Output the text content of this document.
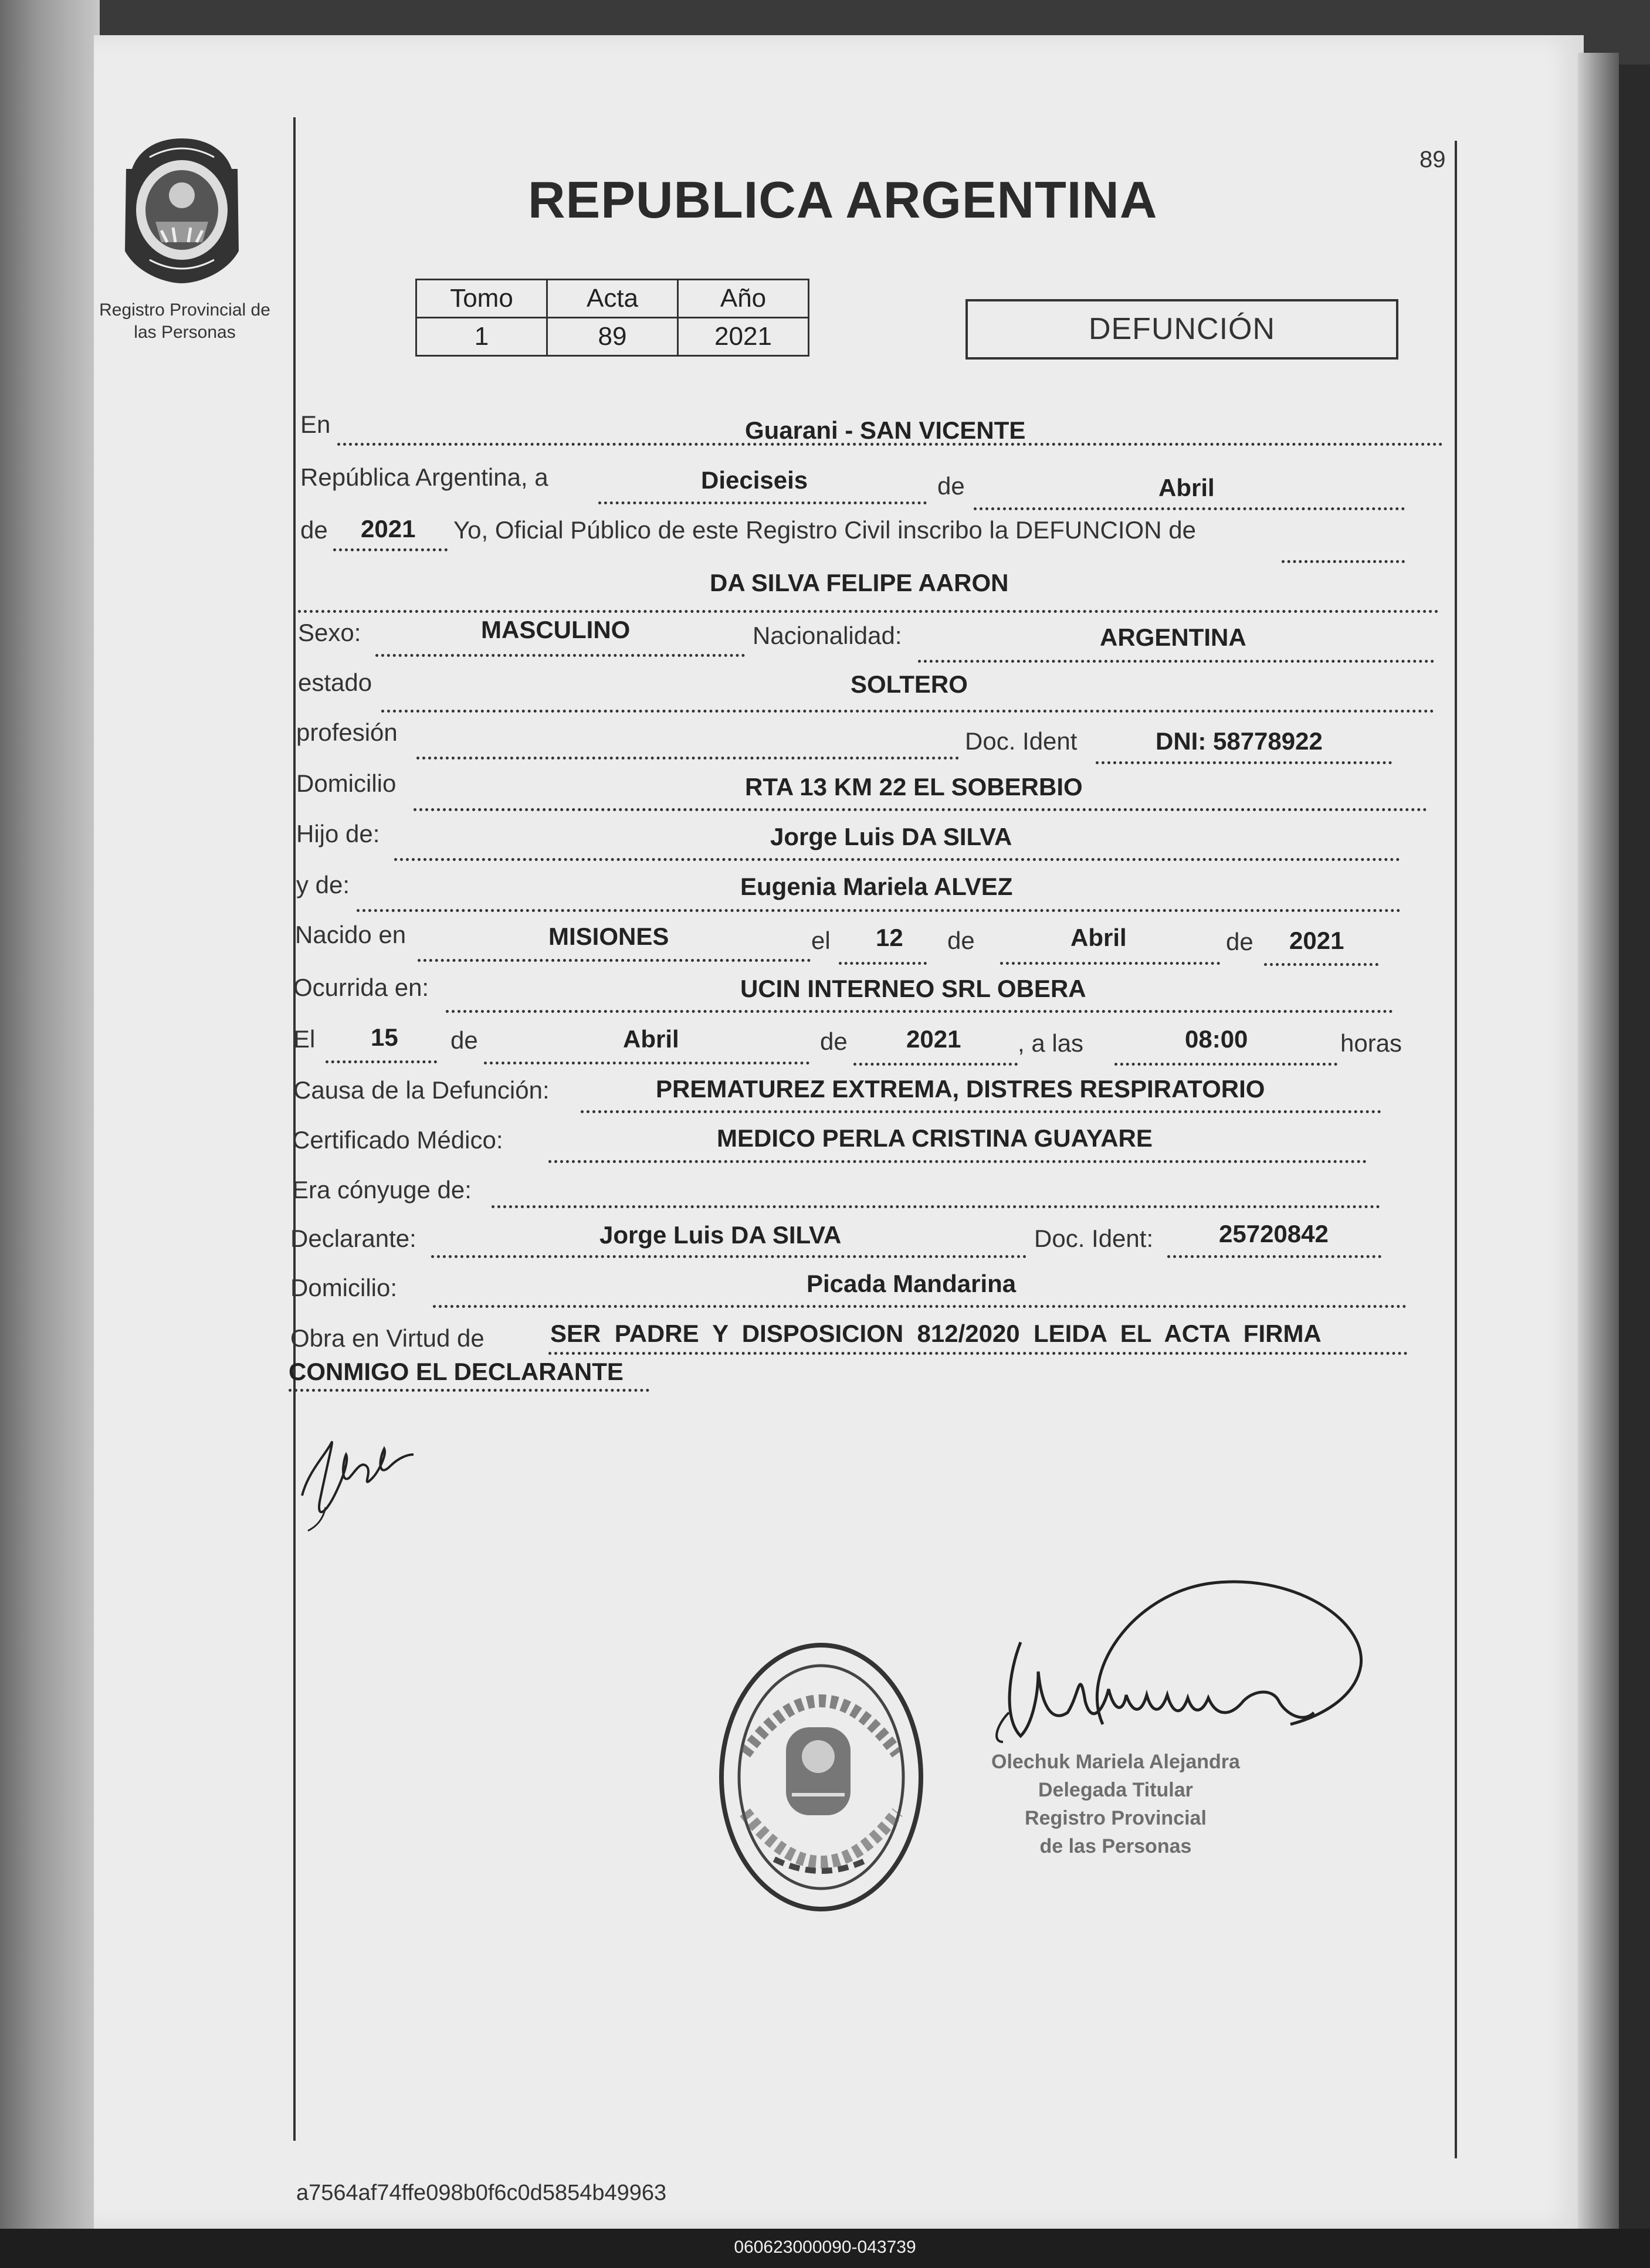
89
Registro Provincial de
las Personas
REPUBLICA ARGENTINA
Tomo	Acta	Año
1	89	2021	DEFUNCIÓN
En	Guarani - SAN VICENTE
República Argentina, a	Dieciseis	de	Abril
de 2021 Yo, Oficial Público de este Registro Civil inscribo la DEFUNCION de
DA SILVA FELIPE AARON
Sexo:	MASCULINO	Nacionalidad:	ARGENTINA
estado	SOLTERO
profesión	Doc. Ident	DNI: 58778922
Domicilio	RTA 13 KM 22 EL SOBERBIO
Hijo de:	Jorge Luis DA SILVA
y de:	Eugenia Mariela ALVEZ
Nacido en	MISIONES	el 12 de	Abril	de 2021
Ocurrida en:	UCIN INTERNEO SRL OBERA
El 15 de	Abril	de 2021 , a las	08:00	horas
Causa de la Defunción:	PREMATUREZ EXTREMA, DISTRES RESPIRATORIO
Certificado Médico:	MEDICO PERLA CRISTINA GUAYARE
Era cónyuge de:
Declarante:	Jorge Luis DA SILVA	Doc. Ident:	25720842
Domicilio:	Picada Mandarina
Obra en Virtud de	SER  PADRE  Y  DISPOSICION  812/2020  LEIDA  EL  ACTA  FIRMA
CONMIGO EL DECLARANTE
Olechuk Mariela Alejandra
Delegada Titular
Registro Provincial
de las Personas
a7564af74ffe098b0f6c0d5854b49963
060623000090-043739
